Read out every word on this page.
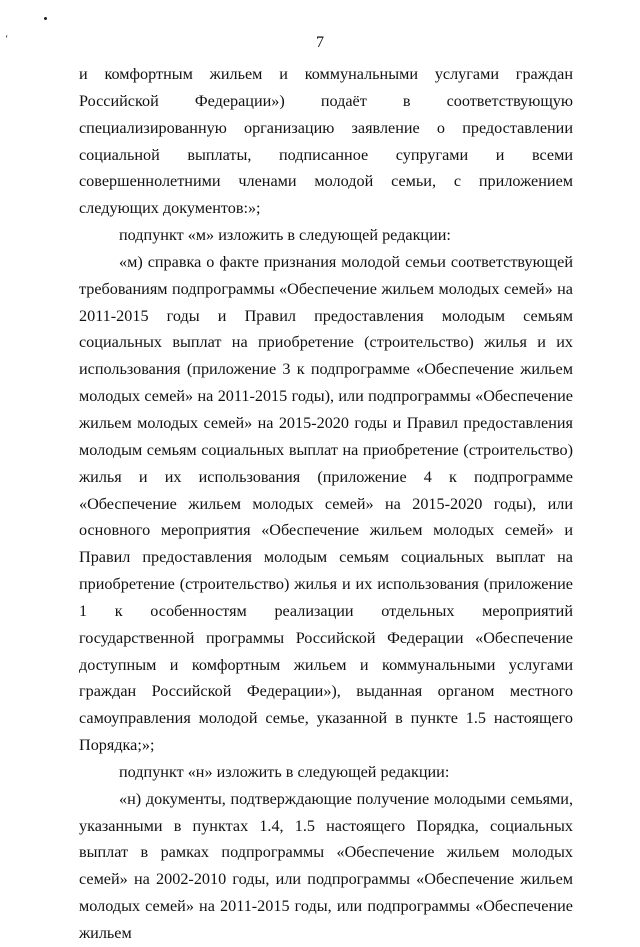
‘	7

и комфортным жильем и коммунальными услугами граждан Российской Федерации») подаёт в соответствующую специализированную организацию заявление о предоставлении социальной выплаты, подписанное супругами и всеми совершеннолетними членами молодой семьи, с приложением следующих документов:»;

подпункт «м» изложить в следующей редакции:

«м) справка о факте признания молодой семьи соответствующей требованиям подпрограммы «Обеспечение жильем молодых семей» на 2011-2015 годы и Правил предоставления молодым семьям социальных выплат на приобретение (строительство) жилья и их использования (приложение 3 к подпрограмме «Обеспечение жильем молодых семей» на 2011-2015 годы), или подпрограммы «Обеспечение жильем молодых семей» на 2015-2020 годы и Правил предоставления молодым семьям социальных выплат на приобретение (строительство) жилья и их использования (приложение 4 к подпрограмме «Обеспечение жильем молодых семей» на 2015-2020 годы), или основного мероприятия «Обеспечение жильем молодых семей» и Правил предоставления молодым семьям социальных выплат на приобретение (строительство) жилья и их использования (приложение 1 к особенностям реализации отдельных мероприятий государственной программы Российской Федерации «Обеспечение доступным и комфортным жильем и коммунальными услугами граждан Российской Федерации»), выданная органом местного самоуправления молодой семье, указанной в пункте 1.5 настоящего Порядка;»;

подпункт «н» изложить в следующей редакции:

«н) документы, подтверждающие получение молодыми семьями, указанными в пунктах 1.4, 1.5 настоящего Порядка, социальных выплат в рамках подпрограммы «Обеспечение жильем молодых семей» на 2002-2010 годы, или подпрограммы «Обеспечение жильем молодых семей» на 2011-2015 годы, или подпрограммы «Обеспечение жильем
